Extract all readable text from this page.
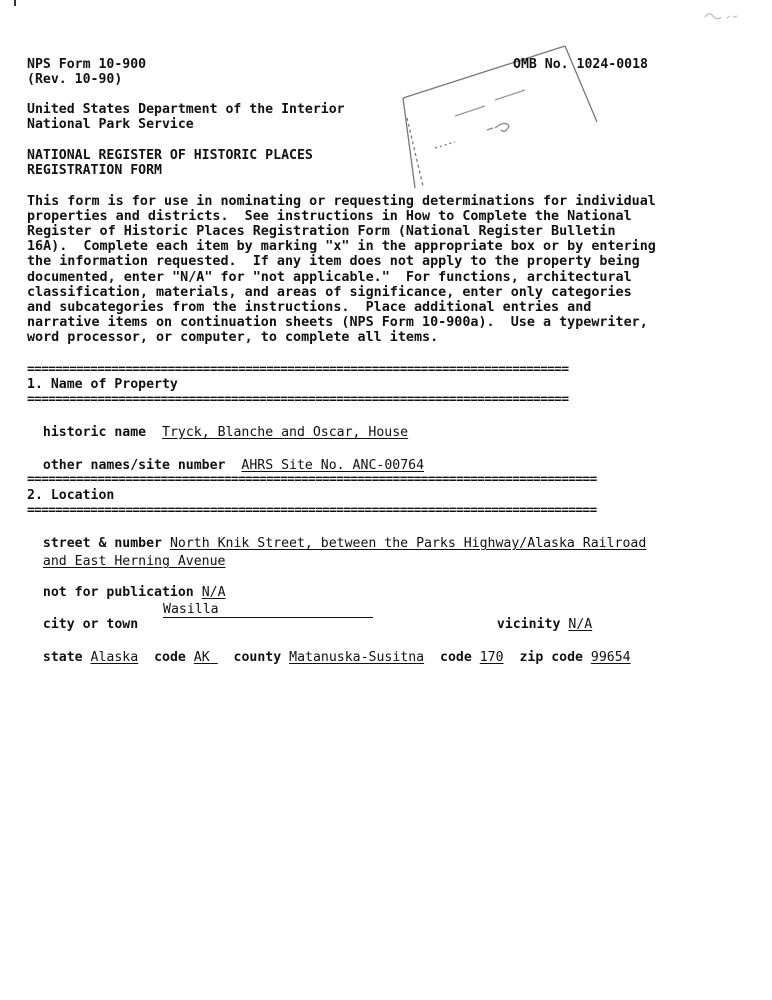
NPS Form 10-900

(Rev. 10-90)

OMB No. 1024-0018

United States Department of the Interior

National Park Service

NATIONAL REGISTER OF HISTORIC PLACES

REGISTRATION FORM

This form is for use in nominating or requesting determinations for individual

properties and districts.  See instructions in How to Complete the National

Register of Historic Places Registration Form (National Register Bulletin

16A).  Complete each item by marking "x" in the appropriate box or by entering

the information requested.  If any item does not apply to the property being

documented, enter "N/A" for "not applicable."  For functions, architectural

classification, materials, and areas of significance, enter only categories

and subcategories from the instructions.  Place additional entries and

narrative items on continuation sheets (NPS Form 10-900a).  Use a typewriter,

word processor, or computer, to complete all items.

=============================================================================

1. Name of Property

=============================================================================

historic name Tryck, Blanche and Oscar, House

other names/site number AHRS Site No. ANC-00764

=================================================================================

2. Location

=================================================================================

street & number North Knik Street, between the Parks Highway/Alaska Railroad

and East Herning Avenue

not for publication N/A

city or town

Wasilla

vicinity N/A

state Alaska code AK county Matanuska-Susitna code 170 zip code 99654
